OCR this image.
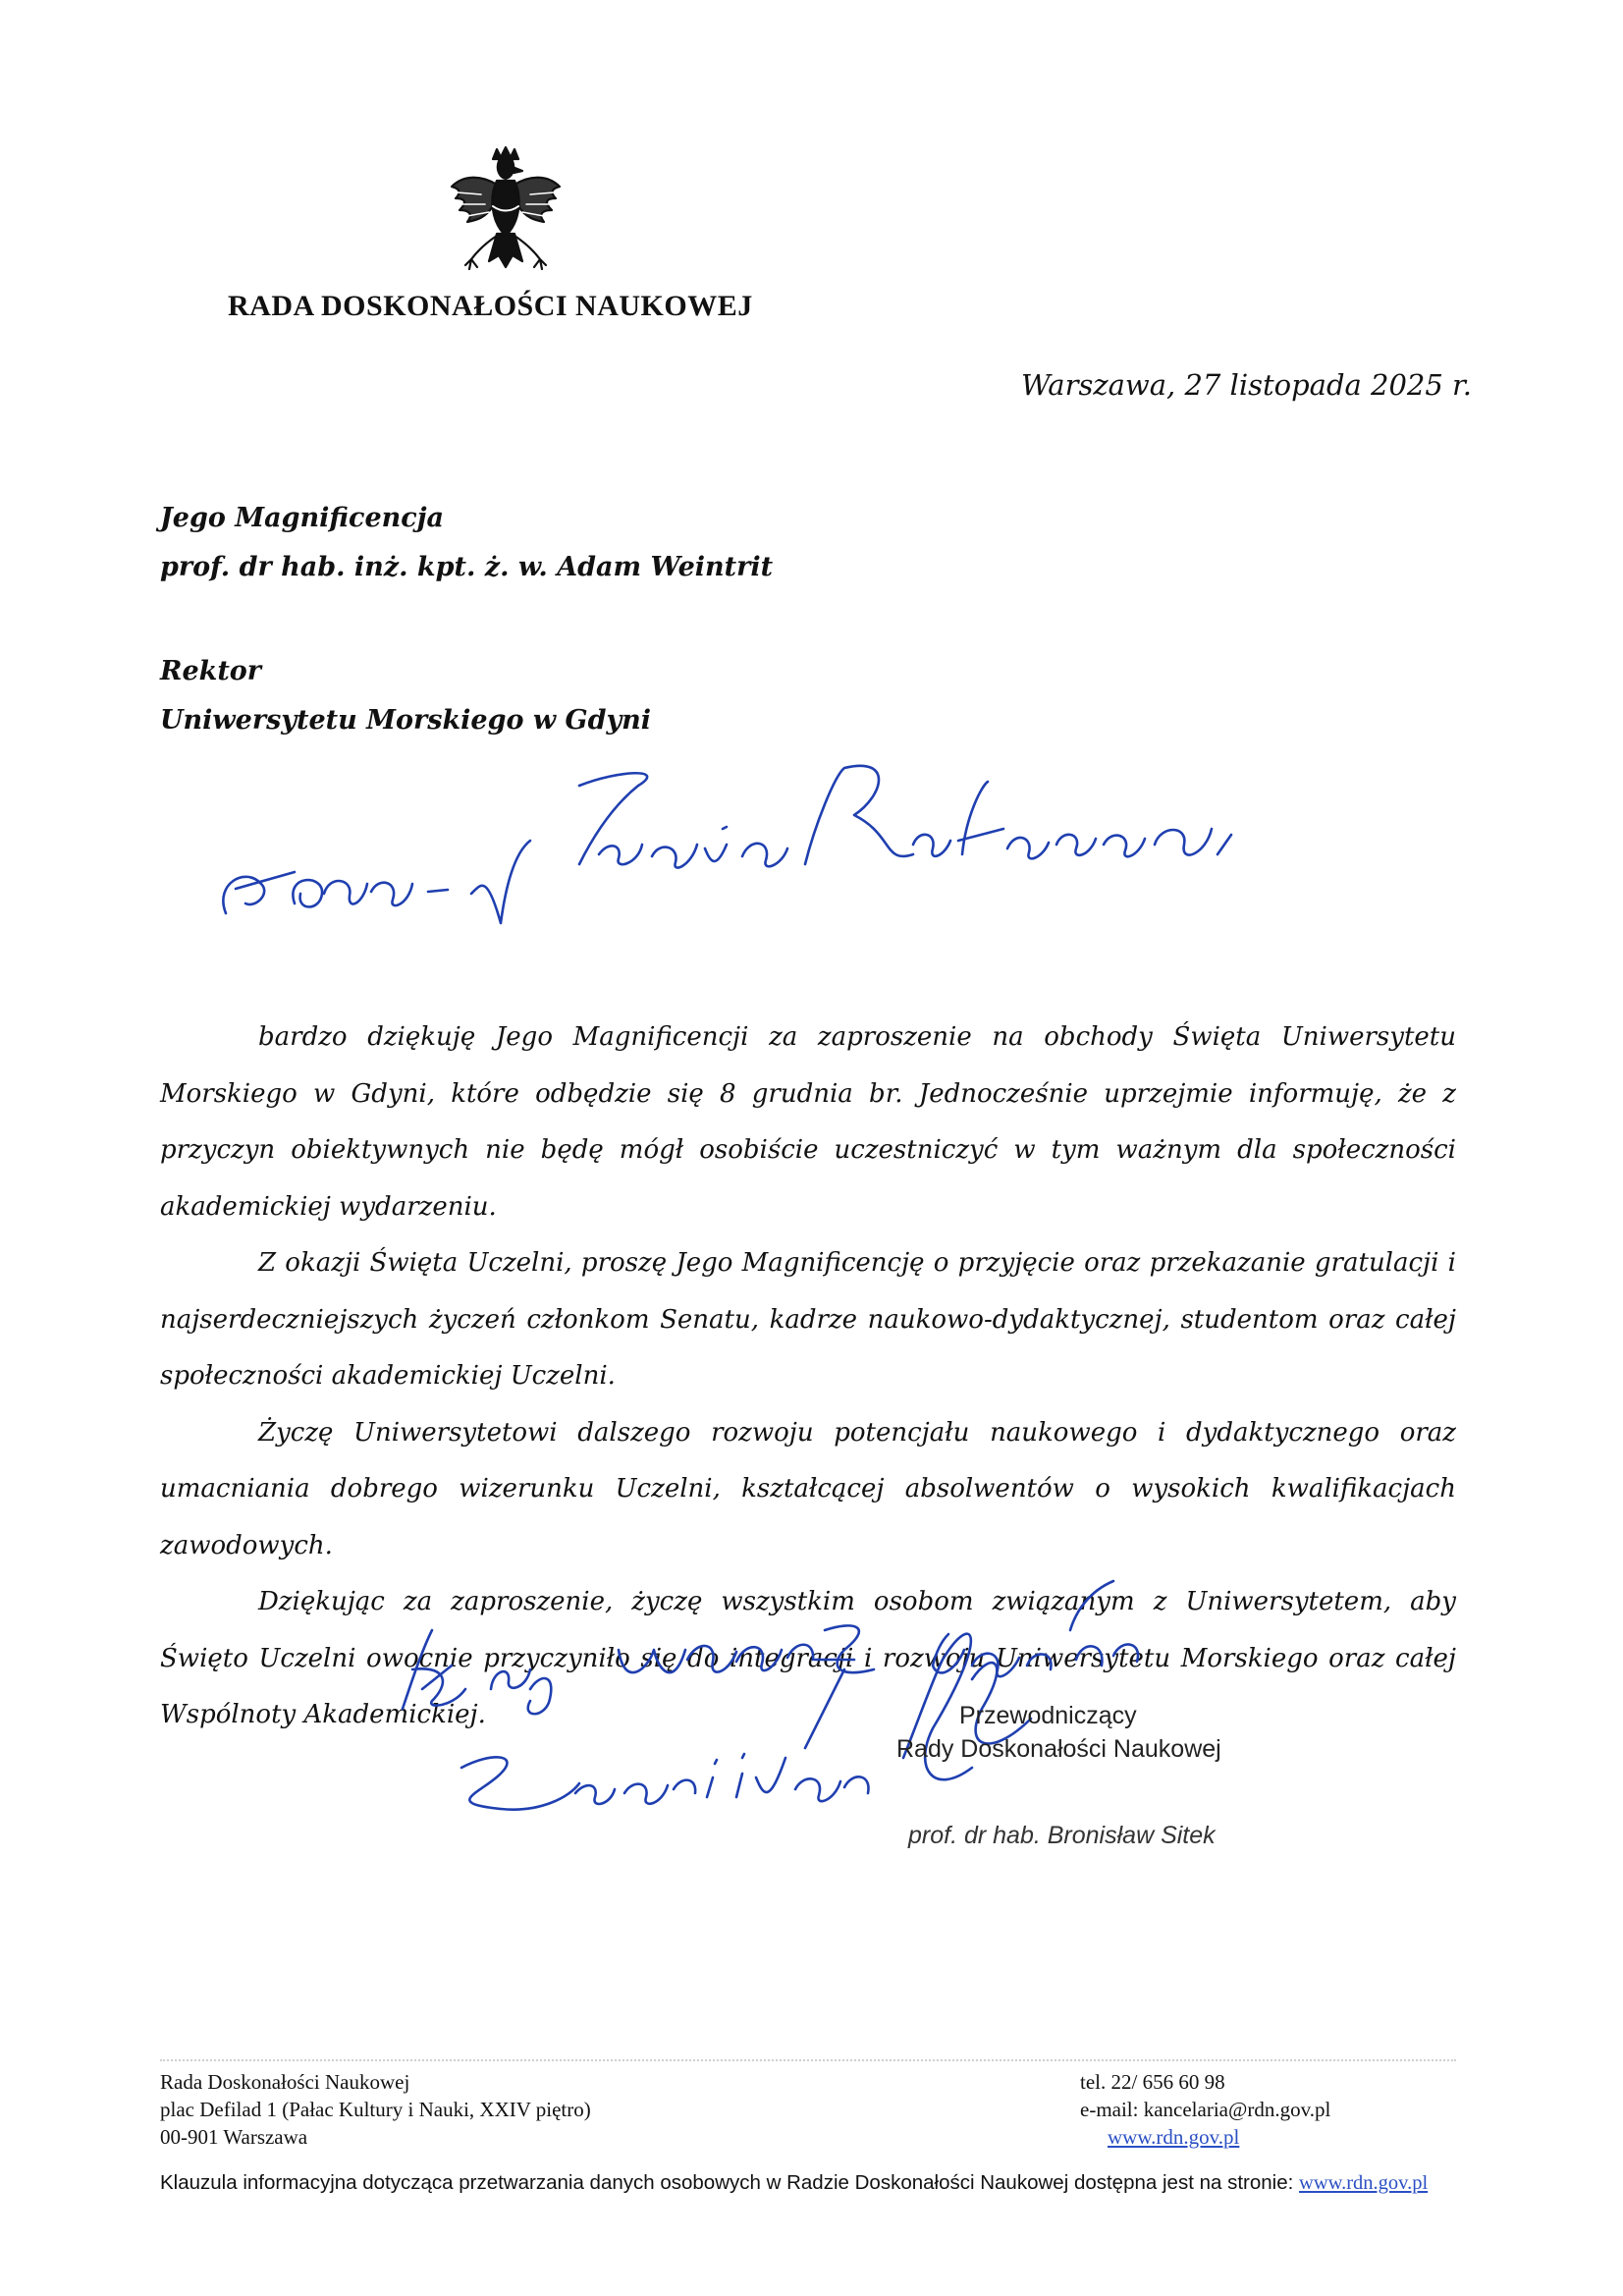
RADA DOSKONAŁOŚCI NAUKOWEJ
Warszawa, 27 listopada 2025 r.
Jego Magnificencja
prof. dr hab. inż. kpt. ż. w. Adam Weintrit
Rektor
Uniwersytetu Morskiego w Gdyni

bardzo dziękuję Jego Magnificencji za zaproszenie na obchody Święta Uniwersytetu Morskiego w Gdyni, które odbędzie się 8 grudnia br. Jednocześnie uprzejmie informuję, że z przyczyn obiektywnych nie będę mógł osobiście uczestniczyć w tym ważnym dla społeczności akademickiej wydarzeniu.

Z okazji Święta Uczelni, proszę Jego Magnificencję o przyjęcie oraz przekazanie gratulacji i najserdeczniejszych życzeń członkom Senatu, kadrze naukowo-dydaktycznej, studentom oraz całej społeczności akademickiej Uczelni.

Życzę Uniwersytetowi dalszego rozwoju potencjału naukowego i dydaktycznego oraz umacniania dobrego wizerunku Uczelni, kształcącej absolwentów o wysokich kwalifikacjach zawodowych.

Dziękując za zaproszenie, życzę wszystkim osobom związanym z Uniwersytetem, aby Święto Uczelni owocnie przyczyniło się do integracji i rozwoju Uniwersytetu Morskiego oraz całej Wspólnoty Akademickiej.	Przewodniczący
Rady Doskonałości Naukowej
prof. dr hab. Bronisław Sitek
Rada Doskonałości Naukowej
plac Defilad 1 (Pałac Kultury i Nauki, XXIV piętro)
00-901 Warszawa
tel. 22/ 656 60 98
e-mail: kancelaria@rdn.gov.pl
www.rdn.gov.pl
Klauzula informacyjna dotycząca przetwarzania danych osobowych w Radzie Doskonałości Naukowej dostępna jest na stronie: www.rdn.gov.pl
